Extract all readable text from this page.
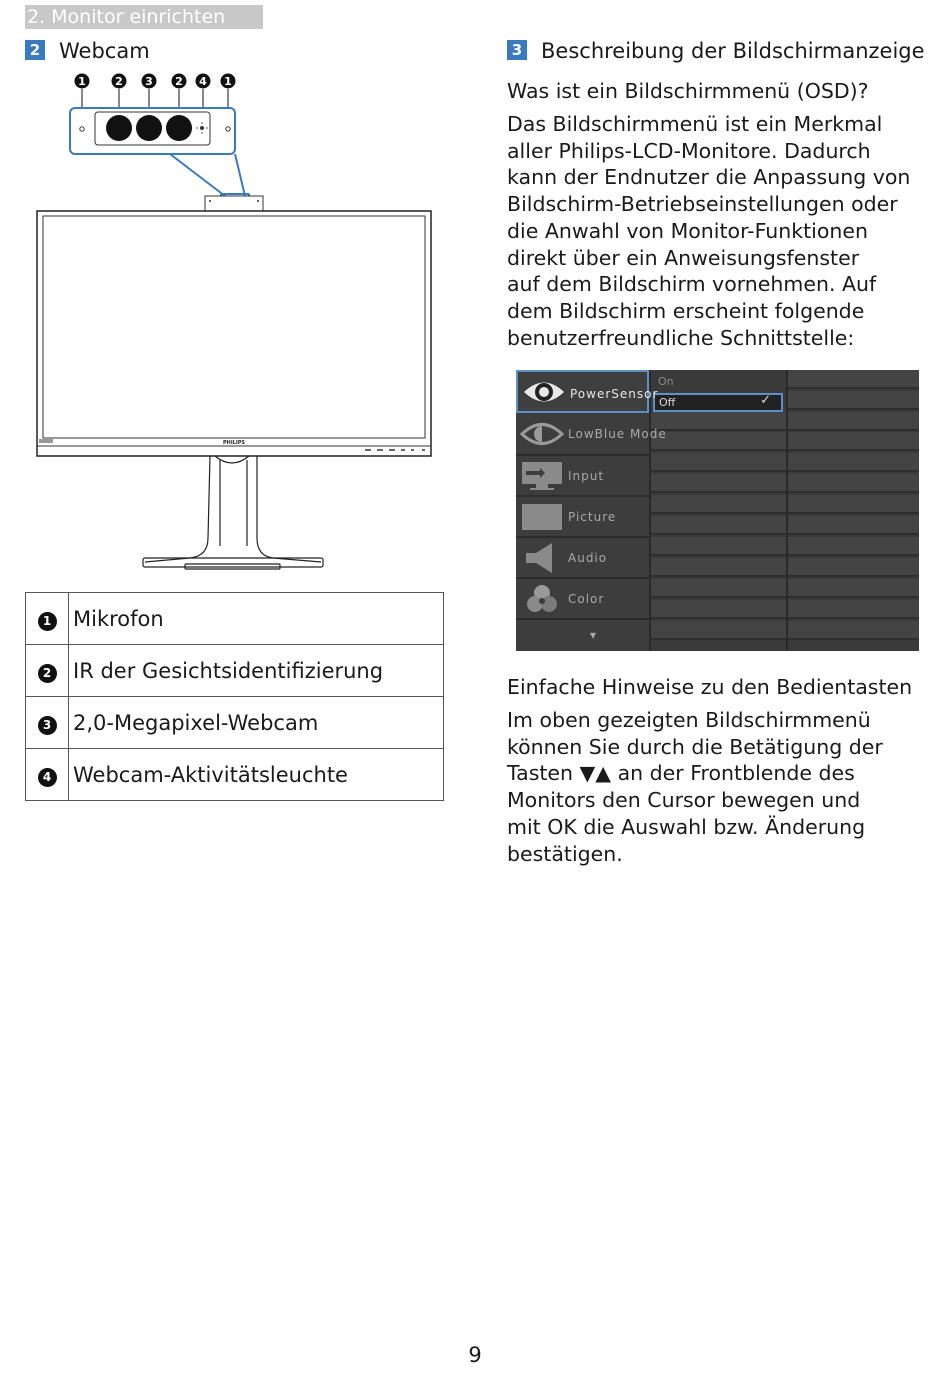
2. Monitor einrichten
2 Webcam
1	2 3 2 4 1
PHILIPS
1	Mikrofon
2	IR der Gesichtsidentifizierung
3	2,0-Megapixel-Webcam
4	Webcam-Aktivitätsleuchte
3 Beschreibung der Bildschirmanzeige
Was ist ein Bildschirmmenü (OSD)?
Das Bildschirmmenü ist ein Merkmal
aller Philips-LCD-Monitore. Dadurch
kann der Endnutzer die Anpassung von
Bildschirm-Betriebseinstellungen oder
die Anwahl von Monitor-Funktionen
direkt über ein Anweisungsfenster
auf dem Bildschirm vornehmen. Auf
dem Bildschirm erscheint folgende
benutzerfreundliche Schnittstelle:
On
Off	✓
PowerSensor
LowBlue Mode
Input
Picture
Audio
Color
▾
Einfache Hinweise zu den Bedientasten
Im oben gezeigten Bildschirmmenü
können Sie durch die Betätigung der
Tasten ▼▲ an der Frontblende des
Monitors den Cursor bewegen und
mit OK die Auswahl bzw. Änderung
bestätigen.
9
